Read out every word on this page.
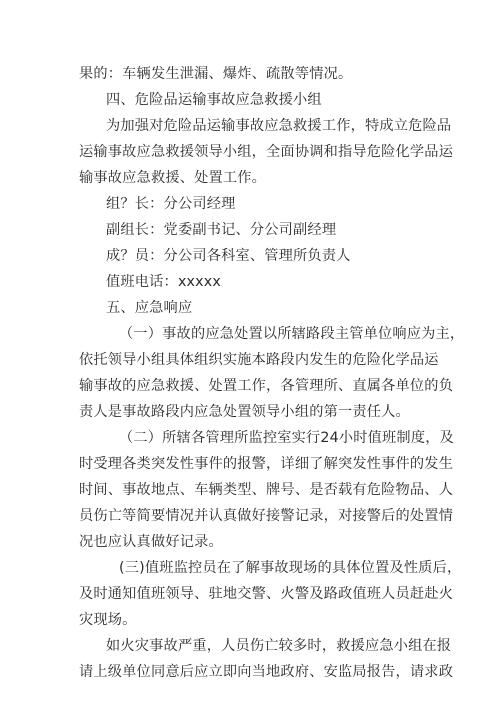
果的：车辆发生泄漏、爆炸、疏散等情况。
四、危险品运输事故应急救援小组
为加强对危险品运输事故应急救援工作，特成立危险品
运输事故应急救援领导小组，全面协调和指导危险化学品运
输事故应急救援、处置工作。
组？长：分公司经理
副组长：党委副书记、分公司副经理
成？员：分公司各科室、管理所负责人
值班电话：xxxxx
五、应急响应
（一）事故的应急处置以所辖路段主管单位响应为主，
依托领导小组具体组织实施本路段内发生的危险化学品运
输事故的应急救援、处置工作，各管理所、直属各单位的负
责人是事故路段内应急处置领导小组的第一责任人。
（二）所辖各管理所监控室实行24小时值班制度，及
时受理各类突发性事件的报警，详细了解突发性事件的发生
时间、事故地点、车辆类型、牌号、是否载有危险物品、人
员伤亡等简要情况并认真做好接警记录，对接警后的处置情
况也应认真做好记录。
(三)值班监控员在了解事故现场的具体位置及性质后，
及时通知值班领导、驻地交警、火警及路政值班人员赶赴火
灾现场。
如火灾事故严重，人员伤亡较多时，救援应急小组在报
请上级单位同意后应立即向当地政府、安监局报告，请求政
